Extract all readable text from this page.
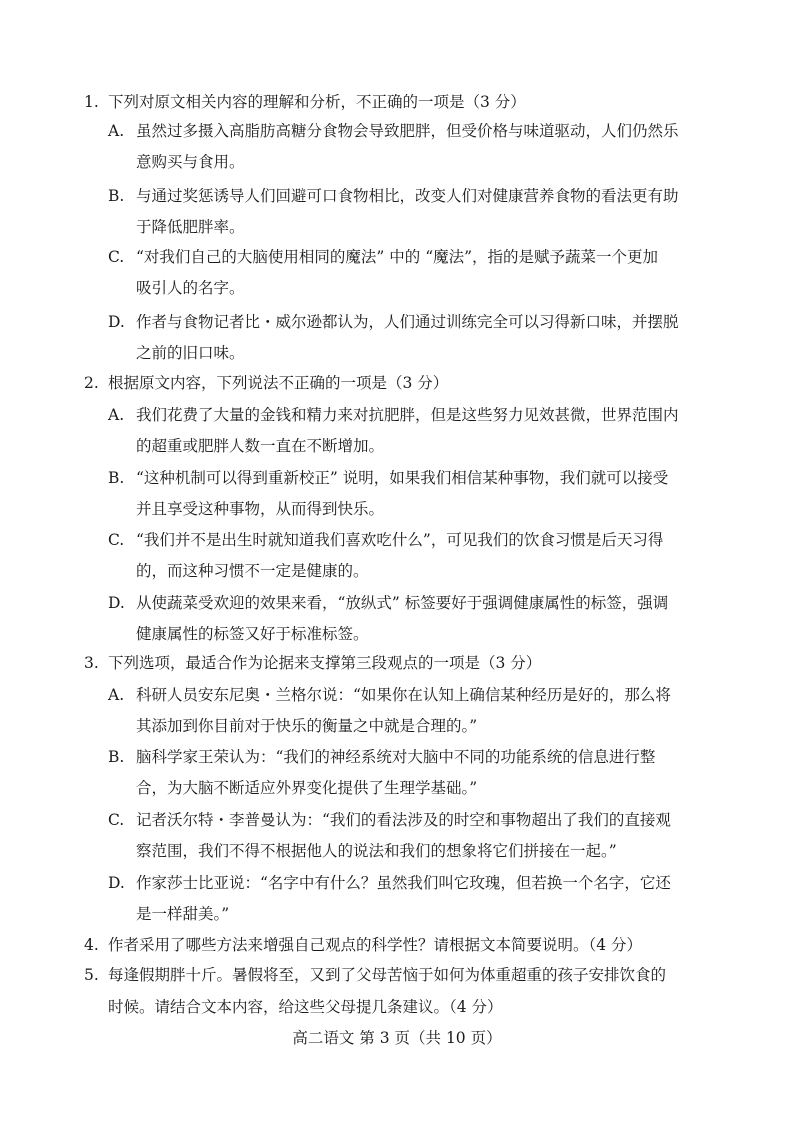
1. 下列对原文相关内容的理解和分析，不正确的一项是（3 分）
A. 虽然过多摄入高脂肪高糖分食物会导致肥胖，但受价格与味道驱动，人们仍然乐
意购买与食用。
B. 与通过奖惩诱导人们回避可口食物相比，改变人们对健康营养食物的看法更有助
于降低肥胖率。
C. “对我们自己的大脑使用相同的魔法” 中的 “魔法”，指的是赋予蔬菜一个更加
吸引人的名字。
D. 作者与食物记者比・威尔逊都认为，人们通过训练完全可以习得新口味，并摆脱
之前的旧口味。
2. 根据原文内容，下列说法不正确的一项是（3 分）
A. 我们花费了大量的金钱和精力来对抗肥胖，但是这些努力见效甚微，世界范围内
的超重或肥胖人数一直在不断增加。
B. “这种机制可以得到重新校正” 说明，如果我们相信某种事物，我们就可以接受
并且享受这种事物，从而得到快乐。
C. “我们并不是出生时就知道我们喜欢吃什么”，可见我们的饮食习惯是后天习得
的，而这种习惯不一定是健康的。
D. 从使蔬菜受欢迎的效果来看，“放纵式” 标签要好于强调健康属性的标签，强调
健康属性的标签又好于标准标签。
3. 下列选项，最适合作为论据来支撑第三段观点的一项是（3 分）
A. 科研人员安东尼奥・兰格尔说：“如果你在认知上确信某种经历是好的，那么将
其添加到你目前对于快乐的衡量之中就是合理的。”
B. 脑科学家王荣认为：“我们的神经系统对大脑中不同的功能系统的信息进行整
合，为大脑不断适应外界变化提供了生理学基础。”
C. 记者沃尔特・李普曼认为：“我们的看法涉及的时空和事物超出了我们的直接观
察范围，我们不得不根据他人的说法和我们的想象将它们拼接在一起。”
D. 作家莎士比亚说：“名字中有什么？虽然我们叫它玫瑰，但若换一个名字，它还
是一样甜美。”
4. 作者采用了哪些方法来增强自己观点的科学性？请根据文本简要说明。（4 分）
5. 每逢假期胖十斤。暑假将至，又到了父母苦恼于如何为体重超重的孩子安排饮食的
时候。请结合文本内容，给这些父母提几条建议。（4 分）
高二语文 第 3 页（共 10 页）
